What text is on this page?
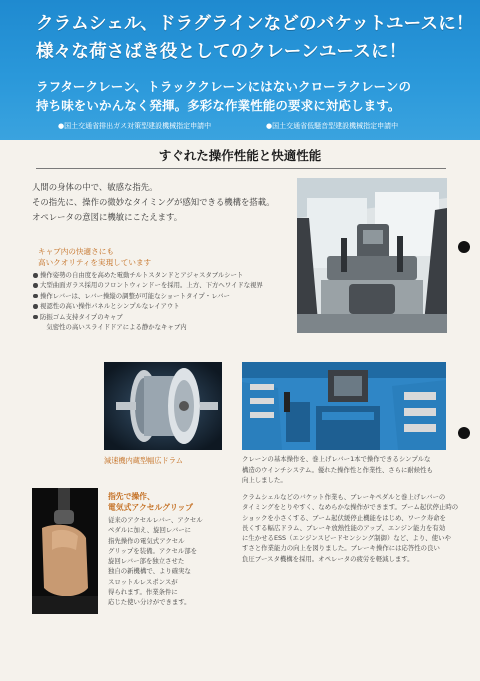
クラムシェル、ドラグラインなどのバケットユースに！
様々な荷さばき役としてのクレーンユースに！
ラフタークレーン、トラッククレーンにはないクローラクレーンの
持ち味をいかんなく発揮。多彩な作業性能の要求に対応します。
●国土交通省排出ガス対策型建設機械指定申請中	●国土交通省低騒音型建設機械指定申請中
すぐれた操作性能と快適性能
人間の身体の中で、敏感な指先。
その指先に、操作の微妙なタイミングが感知できる機構を搭載。
オペレータの意図に機敏にこたえます。
キャブ内の快適さにも
高いクオリティを実現しています
操作姿勢の自由度を高めた電動チルトスタンドとアジャスタブルシート
大型曲面ガラス採用のフロントウィンドーを採用。上方、下方へワイドな視界
操作レバーは、レバー操縦の調整が可能なショートタイプ・レバー
視認性の高い操作パネルとシンプルなレイアウト
防振ゴム支持タイプのキャブ
　気密性の高いスライドドアによる静かなキャブ内
減速機内蔵型幅広ドラム	クレーンの基本操作を、巻上げレバー1本で操作できるシンプルな
構造のウインチシステム。優れた操作性と作業性、さらに耐候性も
向上しました。
指先で操作、
電気式アクセルグリップ
従来のアクセルレバー、アクセル
ペダルに加え、旋回レバーに
指先操作の電気式アクセル
グリップを装備。アクセル部を
旋回レバー部を独立させた
独自の新機構で、より確実な
スロットルレスポンスが
得られます。作業条件に
応じた使い分けができます。
クラムシェルなどのバケット作業も、ブレーキペダルと巻上げレバーの
タイミングをとりやすく、なめらかな操作ができます。ブーム起伏停止時の
ショックを小さくする、ブーム起伏緩停止機能をはじめ、ワーク寿命を
長くする幅広ドラム、ブレーキ放熱性能のアップ、エンジン能力を有効
に生かせるESS（エンジンスピードセンシング制御）など、より、使いや
すさと作業能力の向上を図りました。ブレーキ操作には応答性の良い
負圧ブースタ機構を採用。オペレータの疲労を軽減します。
